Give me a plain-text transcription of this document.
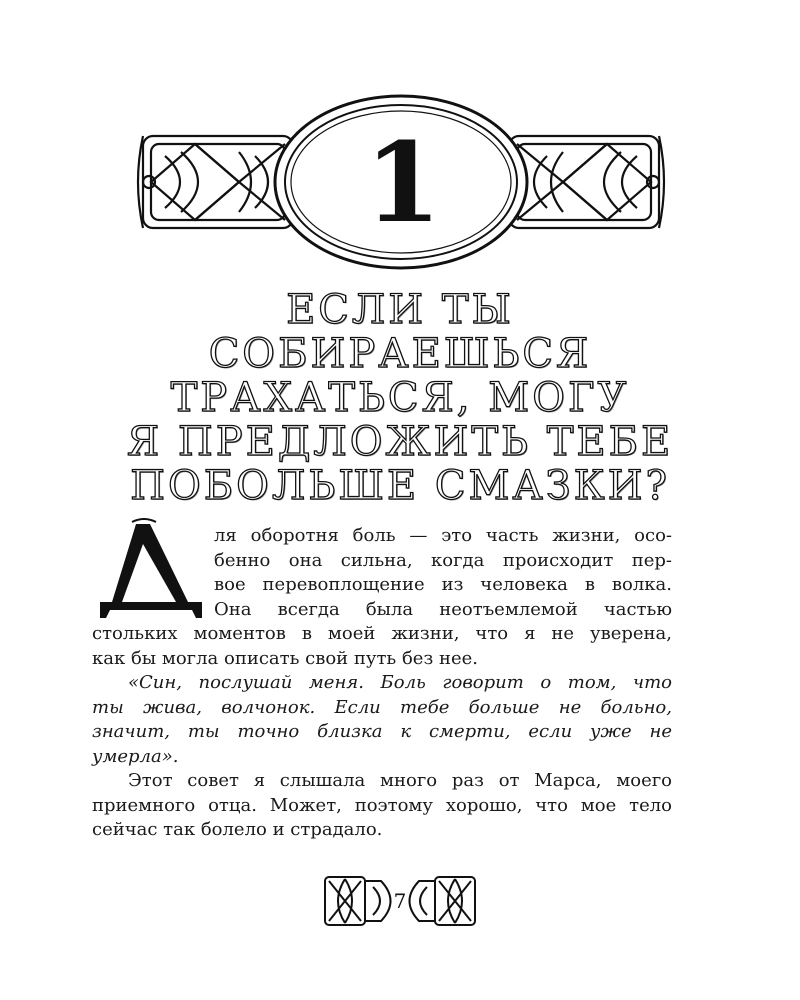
1
ЕСЛИ ТЫ
СОБИРАЕШЬСЯ
ТРАХАТЬСЯ, МОГУ
Я ПРЕДЛОЖИТЬ ТЕБЕ
ПОБОЛЬШЕ СМАЗКИ?
Д

ля оборотня боль — это часть жизни, осо-
бенно она сильна, когда происходит пер-
вое перевоплощение из человека в волка.
Она всегда была неотъемлемой частью
стольких моментов в моей жизни, что я не уверена,
как бы могла описать свой путь без нее.

«Син, послушай меня. Боль говорит о том, что
ты жива, волчонок. Если тебе больше не больно,
значит, ты точно близка к смерти, если уже не
умерла».

Этот совет я слышала много раз от Марса, моего
приемного отца. Может, поэтому хорошо, что мое тело
сейчас так болело и страдало.

7
